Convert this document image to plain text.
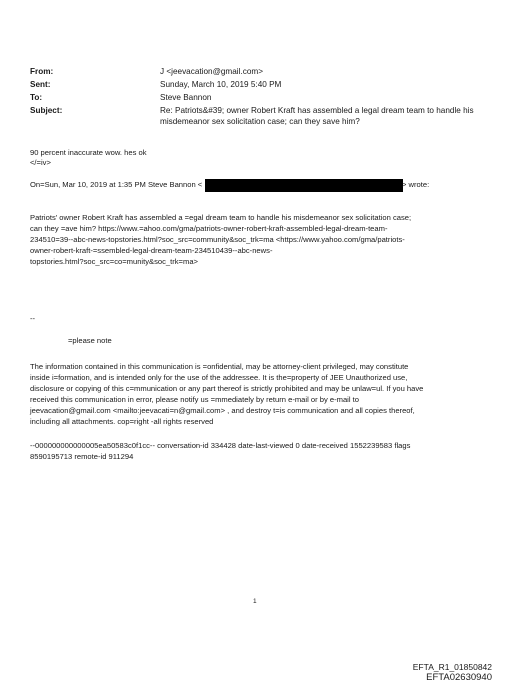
From:	J <jeevacation@gmail.com>
Sent:	Sunday, March 10, 2019 5:40 PM
To:	Steve Bannon
Subject:	Re: Patriots&#39; owner Robert Kraft has assembled a legal dream team to handle his
misdemeanor sex solicitation case; can they save him?
90 percent inaccurate wow. hes ok
</=iv>
On=Sun, Mar 10, 2019 at 1:35 PM Steve Bannon <	> wrote:
Patriots' owner Robert Kraft has assembled a =egal dream team to handle his misdemeanor sex solicitation case;
can they =ave him? https://www.=ahoo.com/gma/patriots-owner-robert-kraft-assembled-legal-dream-team-
234510=39--abc-news-topstories.html?soc_src=community&soc_trk=ma <https://www.yahoo.com/gma/patriots-
owner-robert-kraft-=ssembled-legal-dream-team-234510439--abc-news-
topstories.html?soc_src=co=munity&soc_trk=ma>
--
=please note
The information contained in this communication is =onfidential, may be attorney-client privileged, may constitute
inside i=formation, and is intended only for the use of the addressee. It is the=property of JEE Unauthorized use,
disclosure or copying of this c=mmunication or any part thereof is strictly prohibited and may be unlaw=ul. If you have
received this communication in error, please notify us =mmediately by return e-mail or by e-mail to
jeevacation@gmail.com <mailto:jeevacati=n@gmail.com> , and destroy t=is communication and all copies thereof,
including all attachments. cop=right -all rights reserved
--000000000000005ea50583c0f1cc-- conversation-id 334428 date-last-viewed 0 date-received 1552239583 flags
8590195713 remote-id 911294
1
EFTA_R1_01850842
EFTA02630940
